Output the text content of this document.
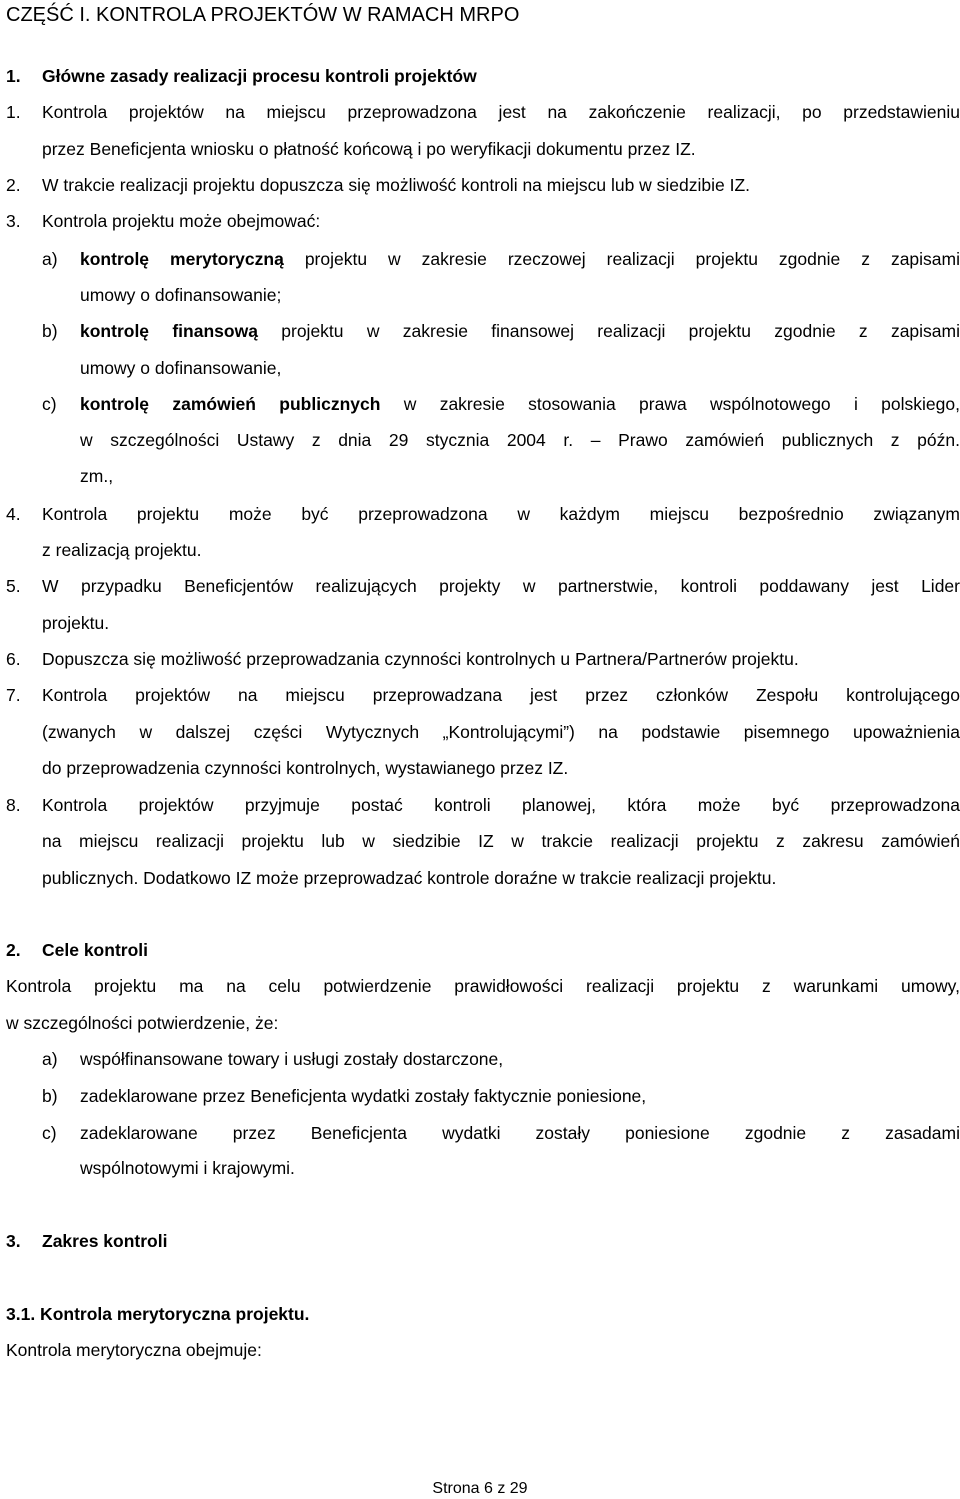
CZĘŚĆ I. KONTROLA PROJEKTÓW W RAMACH MRPO
1. Główne zasady realizacji procesu kontroli projektów
1. Kontrola projektów na miejscu przeprowadzona jest na zakończenie realizacji, po przedstawieniu
przez Beneficjenta wniosku o płatność końcową i po weryfikacji dokumentu przez IZ.
2. W trakcie realizacji projektu dopuszcza się możliwość kontroli na miejscu lub w siedzibie IZ.
3. Kontrola projektu może obejmować:
a) kontrolę merytoryczną projektu w zakresie rzeczowej realizacji projektu zgodnie z zapisami
umowy o dofinansowanie;
b) kontrolę finansową projektu w zakresie finansowej realizacji projektu zgodnie z zapisami
umowy o dofinansowanie,
c) kontrolę zamówień publicznych w zakresie stosowania prawa wspólnotowego i polskiego,
w szczególności Ustawy z dnia 29 stycznia 2004 r. – Prawo zamówień publicznych z późn.
zm.,
4. Kontrola projektu może być przeprowadzona w każdym miejscu bezpośrednio związanym
z realizacją projektu.
5. W przypadku Beneficjentów realizujących projekty w partnerstwie, kontroli poddawany jest Lider
projektu.
6. Dopuszcza się możliwość przeprowadzania czynności kontrolnych u Partnera/Partnerów projektu.
7. Kontrola projektów na miejscu przeprowadzana jest przez członków Zespołu kontrolującego
(zwanych w dalszej części Wytycznych „Kontrolującymi”) na podstawie pisemnego upoważnienia
do przeprowadzenia czynności kontrolnych, wystawianego przez IZ.
8. Kontrola projektów przyjmuje postać kontroli planowej, która może być przeprowadzona
na miejscu realizacji projektu lub w siedzibie IZ w trakcie realizacji projektu z zakresu zamówień
publicznych. Dodatkowo IZ może przeprowadzać kontrole doraźne w trakcie realizacji projektu.
2. Cele kontroli
Kontrola projektu ma na celu potwierdzenie prawidłowości realizacji projektu z warunkami umowy,
w szczególności potwierdzenie, że:
a) współfinansowane towary i usługi zostały dostarczone,
b) zadeklarowane przez Beneficjenta wydatki zostały faktycznie poniesione,
c) zadeklarowane przez Beneficjenta wydatki zostały poniesione zgodnie z zasadami
wspólnotowymi i krajowymi.
3. Zakres kontroli
3.1. Kontrola merytoryczna projektu.
Kontrola merytoryczna obejmuje:
Strona 6 z 29
